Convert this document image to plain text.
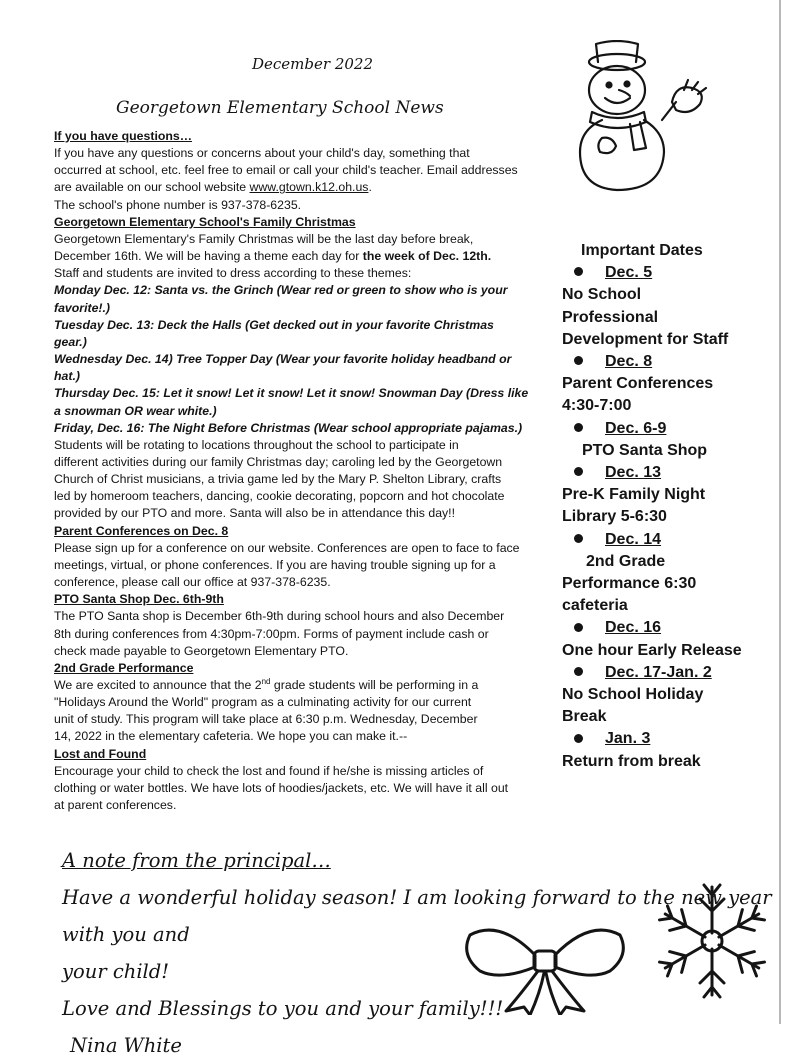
December 2022
Georgetown Elementary School News

If you have questions…

If you have any questions or concerns about your child's day, something that

occurred at school, etc. feel free to email or call your child's teacher. Email addresses

are available on our school website www.gtown.k12.oh.us.

The school's phone number is 937-378-6235.

Georgetown Elementary School's Family Christmas

Georgetown Elementary's Family Christmas will be the last day before break,

December 16th. We will be having a theme each day for the week of Dec. 12th.

Staff and students are invited to dress according to these themes:

Monday Dec. 12: Santa vs. the Grinch (Wear red or green to show who is your

favorite!.)

Tuesday Dec. 13: Deck the Halls (Get decked out in your favorite Christmas

gear.)

Wednesday Dec. 14) Tree Topper Day (Wear your favorite holiday headband or

hat.)

Thursday Dec. 15: Let it snow! Let it snow! Let it snow! Snowman Day (Dress like

a snowman OR wear white.)

Friday, Dec. 16: The Night Before Christmas (Wear school appropriate pajamas.)

Students will be rotating to locations throughout the school to participate in

different activities during our family Christmas day; caroling led by the Georgetown

Church of Christ musicians, a trivia game led by the Mary P. Shelton Library, crafts

led by homeroom teachers, dancing, cookie decorating, popcorn and hot chocolate

provided by our PTO and more. Santa will also be in attendance this day!!

Parent Conferences on Dec. 8

Please sign up for a conference on our website. Conferences are open to face to face

meetings, virtual, or phone conferences. If you are having trouble signing up for a

conference, please call our office at 937-378-6235.

PTO Santa Shop Dec. 6th-9th

The PTO Santa shop is December 6th-9th during school hours and also December

8th during conferences from 4:30pm-7:00pm. Forms of payment include cash or

check made payable to Georgetown Elementary PTO.

2nd Grade Performance

We are excited to announce that the 2nd grade students will be performing in a

"Holidays Around the World" program as a culminating activity for our current

unit of study. This program will take place at 6:30 p.m. Wednesday, December

14, 2022 in the elementary cafeteria. We hope you can make it.--

Lost and Found

Encourage your child to check the lost and found if he/she is missing articles of

clothing or water bottles. We have lots of hoodies/jackets, etc. We will have it all out

at parent conferences.

Important Dates
Dec. 5
No School
Professional
Development for Staff
Dec. 8
Parent Conferences
4:30-7:00
Dec. 6-9
PTO Santa Shop
Dec. 13
Pre-K Family Night
Library 5-6:30
Dec. 14
2nd Grade
Performance 6:30
cafeteria
Dec. 16
One hour Early Release
Dec. 17-Jan. 2
No School Holiday
Break
Jan. 3
Return from break
A note from the principal…
Have a wonderful holiday season! I am looking forward to the new year with you and
your child!
Love and Blessings to you and your family!!!
Nina White
